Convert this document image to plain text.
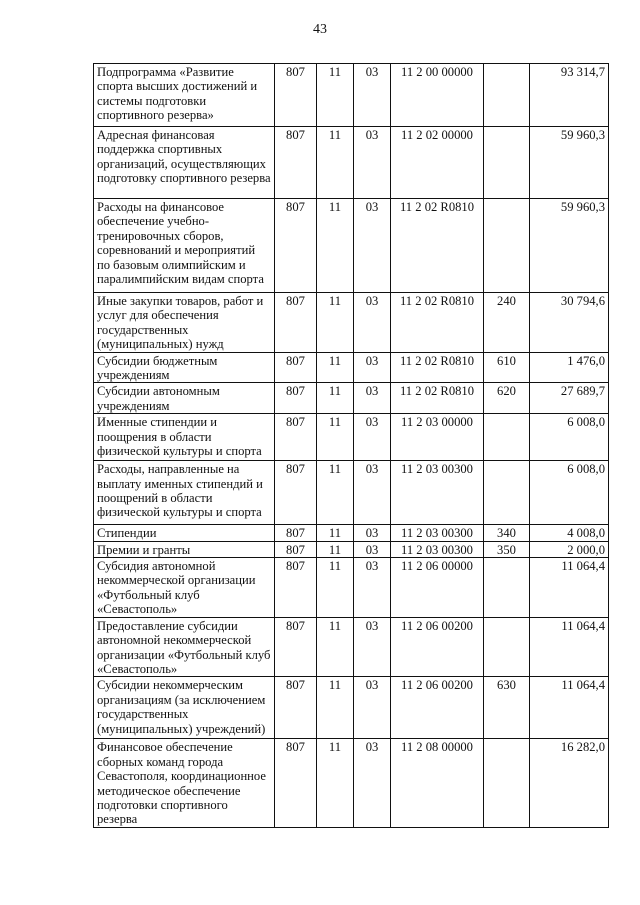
43
Подпрограмма «Развитие спорта высших достижений и системы подготовки спортивного резерва»	807	11	03	11 2 00 00000		93 314,7
Адресная финансовая поддержка спортивных организаций, осуществляющих подготовку спортивного резерва	807	11	03	11 2 02 00000		59 960,3
Расходы на финансовое обеспечение учебно-тренировочных сборов, соревнований и мероприятий по базовым олимпийским и паралимпийским видам спорта	807	11	03	11 2 02 R0810		59 960,3
Иные закупки товаров, работ и услуг для обеспечения государственных (муниципальных) нужд	807	11	03	11 2 02 R0810	240	30 794,6
Субсидии бюджетным учреждениям	807	11	03	11 2 02 R0810	610	1 476,0
Субсидии автономным учреждениям	807	11	03	11 2 02 R0810	620	27 689,7
Именные стипендии и поощрения в области физической культуры и спорта	807	11	03	11 2 03 00000		6 008,0
Расходы, направленные на выплату именных стипендий и поощрений в области физической культуры и спорта	807	11	03	11 2 03 00300		6 008,0
Стипендии	807	11	03	11 2 03 00300	340	4 008,0
Премии и гранты	807	11	03	11 2 03 00300	350	2 000,0
Субсидия автономной некоммерческой организации «Футбольный клуб «Севастополь»	807	11	03	11 2 06 00000		11 064,4
Предоставление субсидии автономной некоммерческой организации «Футбольный клуб «Севастополь»	807	11	03	11 2 06 00200		11 064,4
Субсидии некоммерческим организациям (за исключением государственных (муниципальных) учреждений)	807	11	03	11 2 06 00200	630	11 064,4
Финансовое обеспечение сборных команд города Севастополя, координационное методическое обеспечение подготовки спортивного резерва	807	11	03	11 2 08 00000		16 282,0
